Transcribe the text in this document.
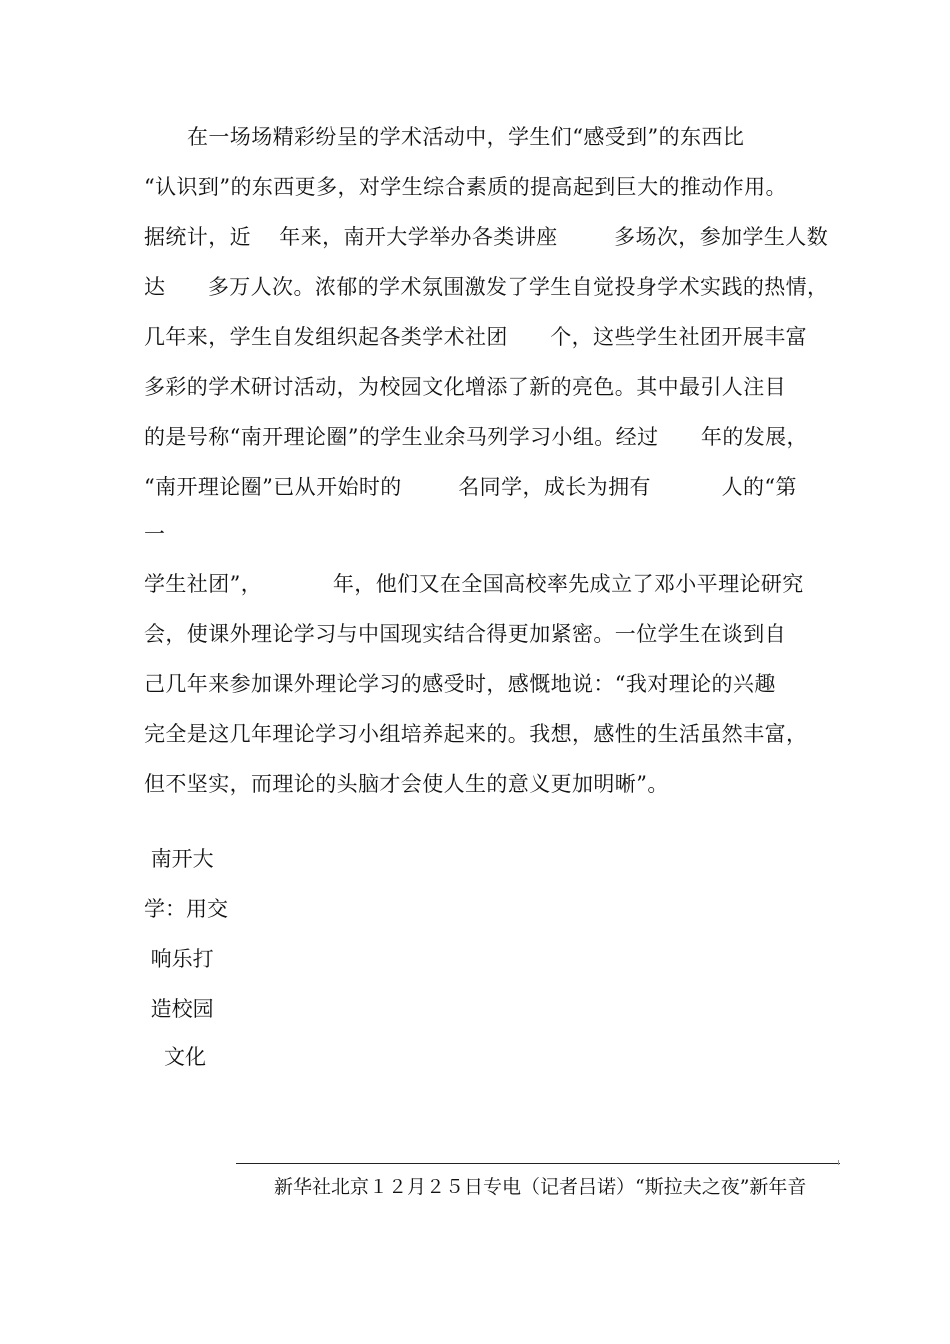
在一场场精彩纷呈的学术活动中，学生们“感受到”的东西比
“认识到”的东西更多，对学生综合素质的提高起到巨大的推动作用。
据统计，近    年来，南开大学举办各类讲座        多场次，参加学生人数
达      多万人次。浓郁的学术氛围激发了学生自觉投身学术实践的热情，
几年来，学生自发组织起各类学术社团      个，这些学生社团开展丰富
多彩的学术研讨活动，为校园文化增添了新的亮色。其中最引人注目
的是号称“南开理论圈”的学生业余马列学习小组。经过      年的发展，
“南开理论圈”已从开始时的        名同学，成长为拥有          人的“第
一
学生社团”，          年，他们又在全国高校率先成立了邓小平理论研究
会，使课外理论学习与中国现实结合得更加紧密。一位学生在谈到自
己几年来参加课外理论学习的感受时，感慨地说：“我对理论的兴趣
完全是这几年理论学习小组培养起来的。我想，感性的生活虽然丰富，
但不坚实，而理论的头脑才会使人生的意义更加明晰”。
南开大
学：用交
响乐打
造校园
文化
新华社北京１２月２５日专电（记者吕诺）“斯拉夫之夜”新年音
